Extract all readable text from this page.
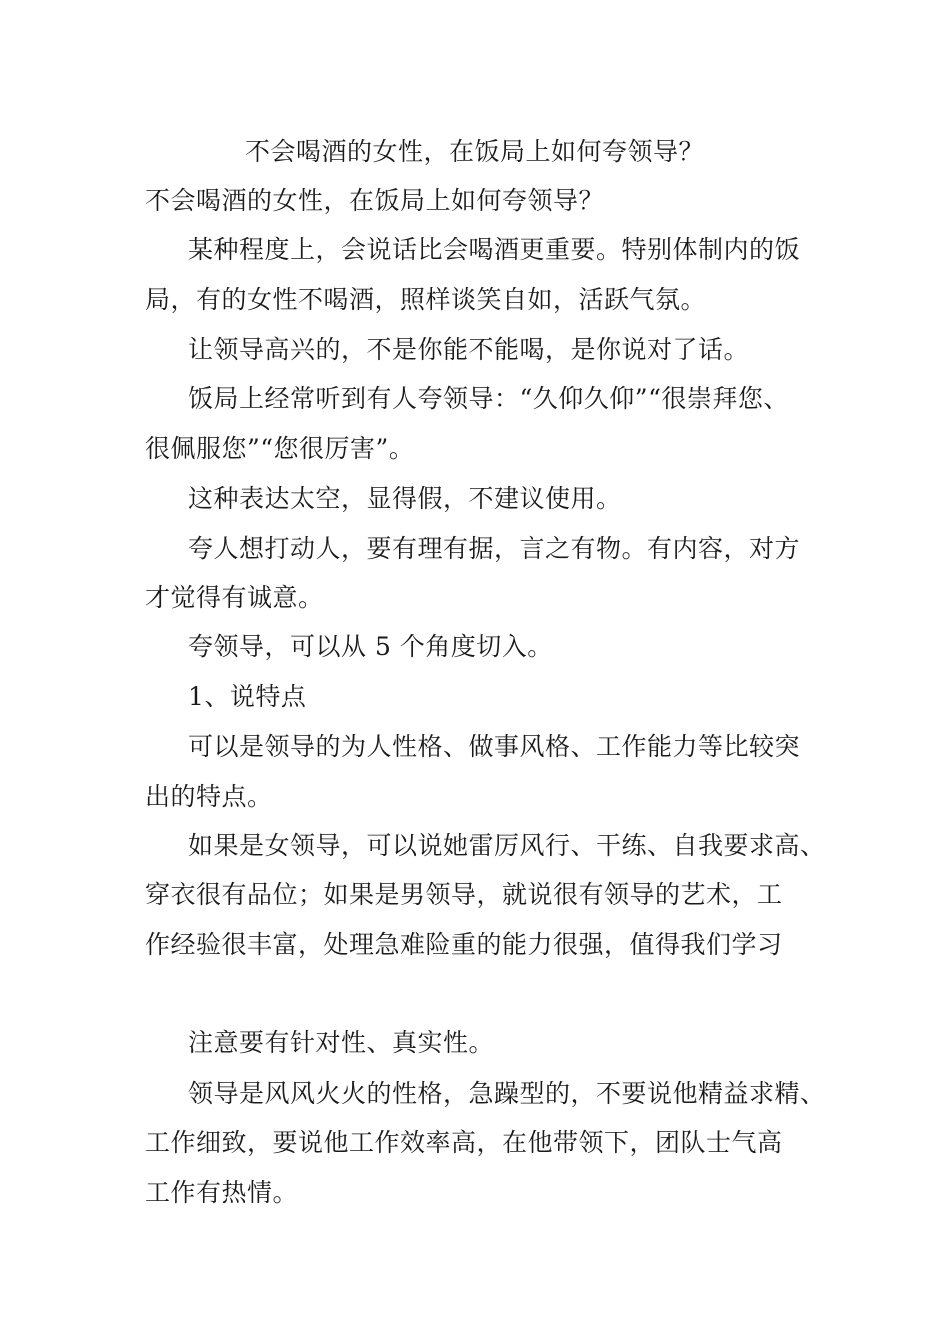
不会喝酒的女性，在饭局上如何夸领导？
不会喝酒的女性，在饭局上如何夸领导？
某种程度上，会说话比会喝酒更重要。特别体制内的饭
局，有的女性不喝酒，照样谈笑自如，活跃气氛。
让领导高兴的，不是你能不能喝，是你说对了话。
饭局上经常听到有人夸领导：“久仰久仰”“很崇拜您、
很佩服您”“您很厉害”。
这种表达太空，显得假，不建议使用。
夸人想打动人，要有理有据，言之有物。有内容，对方
才觉得有诚意。
夸领导，可以从 5 个角度切入。
1、说特点
可以是领导的为人性格、做事风格、工作能力等比较突
出的特点。
如果是女领导，可以说她雷厉风行、干练、自我要求高、
穿衣很有品位；如果是男领导，就说很有领导的艺术，工
作经验很丰富，处理急难险重的能力很强，值得我们学习
注意要有针对性、真实性。
领导是风风火火的性格，急躁型的，不要说他精益求精、
工作细致，要说他工作效率高，在他带领下，团队士气高
工作有热情。
